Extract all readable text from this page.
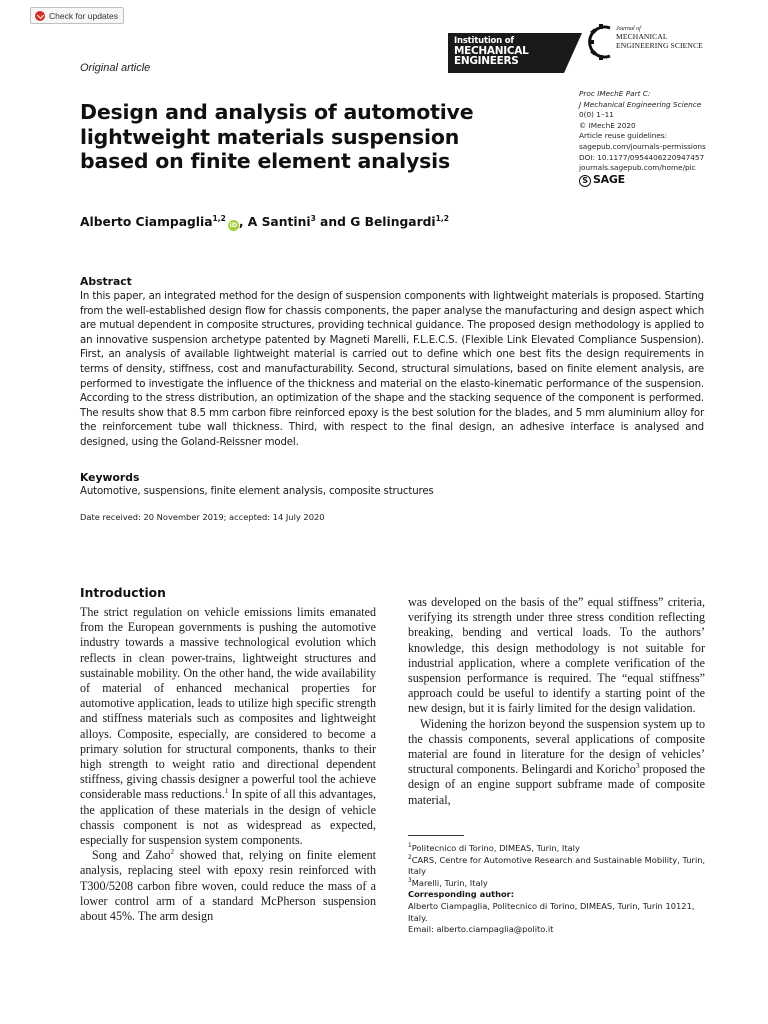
Check for updates
Original article
Institution of
MECHANICAL
ENGINEERS
Journal of
MECHANICAL
ENGINEERING SCIENCE
Design and analysis of automotive lightweight materials suspension based on finite element analysis
Proc IMechE Part C:
J Mechanical Engineering Science
0(0) 1–11
© IMechE 2020
Article reuse guidelines:
sagepub.com/journals-permissions
DOI: 10.1177/0954406220947457
journals.sagepub.com/home/pic
S SAGE
Alberto Ciampaglia$^{1,2}$iD , A Santini$^3$ and G Belingardi$^{1,2}$
Abstract
In this paper, an integrated method for the design of suspension components with lightweight materials is proposed. Starting from the well-established design flow for chassis components, the paper analyse the manufacturing and design aspect which are mutual dependent in composite structures, providing technical guidance. The proposed design methodology is applied to an innovative suspension archetype patented by Magneti Marelli, F.L.E.C.S. (Flexible Link Elevated Compliance Suspension). First, an analysis of available lightweight material is carried out to define which one best fits the design requirements in terms of density, stiffness, cost and manufacturability. Second, structural simulations, based on finite element analysis, are performed to investigate the influence of the thickness and material on the elasto-kinematic performance of the suspension. According to the stress distribution, an optimization of the shape and the stacking sequence of the component is performed. The results show that 8.5 mm carbon fibre reinforced epoxy is the best solution for the blades, and 5 mm aluminium alloy for the reinforcement tube wall thickness. Third, with respect to the final design, an adhesive interface is analysed and designed, using the Goland-Reissner model.
Keywords
Automotive, suspensions, finite element analysis, composite structures
Date received: 20 November 2019; accepted: 14 July 2020
Introduction

The strict regulation on vehicle emissions limits emanated from the European governments is pushing the automotive industry towards a massive technological evolution which reflects in clean power-trains, lightweight structures and sustainable mobility. On the other hand, the wide availability of material of enhanced mechanical properties for automotive application, leads to utilize high specific strength and stiffness materials such as composites and lightweight alloys. Composite, especially, are considered to become a primary solution for structural components, thanks to their high strength to weight ratio and directional dependent stiffness, giving chassis designer a powerful tool the achieve considerable mass reductions.$^1$ In spite of all this advantages, the application of these materials in the design of vehicle chassis component is not as widespread as expected, especially for suspension system components.

Song and Zaho$^2$ showed that, relying on finite element analysis, replacing steel with epoxy resin reinforced with T300/5208 carbon fibre woven, could reduce the mass of a lower control arm of a standard McPherson suspension about 45%. The arm design

was developed on the basis of the” equal stiffness” criteria, verifying its strength under three stress condition reflecting breaking, bending and vertical loads. To the authors’ knowledge, this design methodology is not suitable for industrial application, where a complete verification of the suspension performance is required. The “equal stiffness” approach could be useful to identify a starting point of the new design, but it is fairly limited for the design validation.

Widening the horizon beyond the suspension system up to the chassis components, several applications of composite material are found in literature for the design of vehicles’ structural components. Belingardi and Koricho$^3$ proposed the design of an engine support subframe made of composite material,

$^1$Politecnico di Torino, DIMEAS, Turin, Italy
$^2$CARS, Centre for Automotive Research and Sustainable Mobility, Turin, Italy
$^3$Marelli, Turin, Italy
Corresponding author:
Alberto Ciampaglia, Politecnico di Torino, DIMEAS, Turin, Turin 10121, Italy.
Email: alberto.ciampaglia@polito.it
